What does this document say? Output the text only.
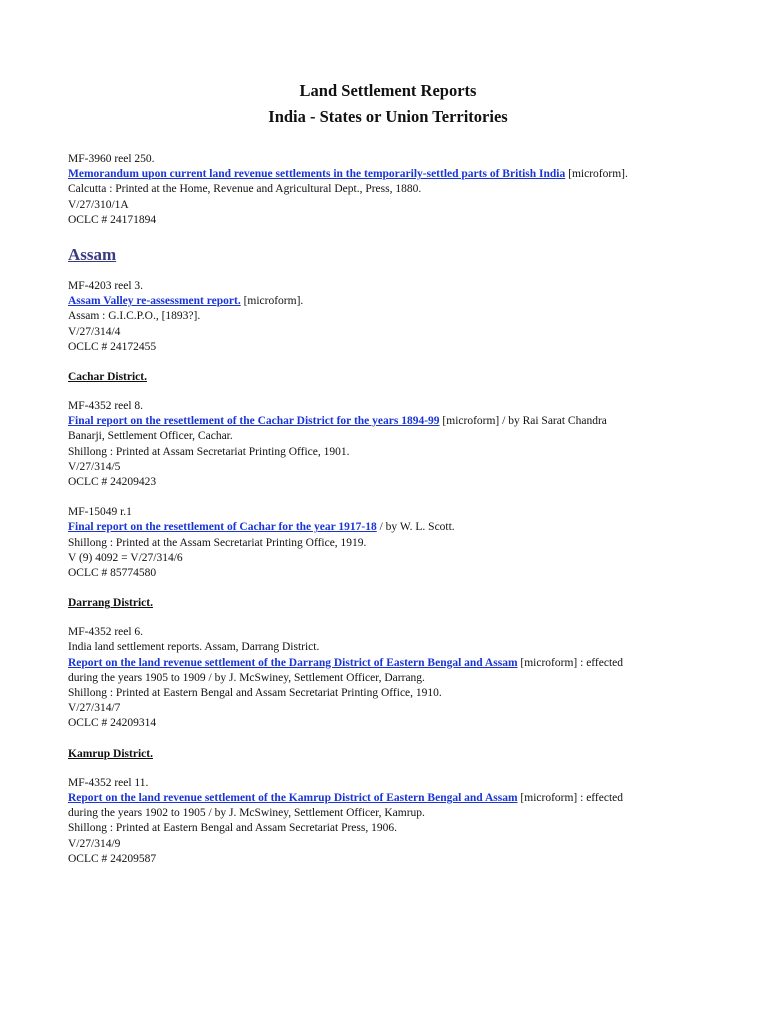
Land Settlement Reports

India - States or Union Territories

MF-3960 reel 250.
Memorandum upon current land revenue settlements in the temporarily-settled parts of British India [microform].
Calcutta : Printed at the Home, Revenue and Agricultural Dept., Press, 1880.
V/27/310/1A
OCLC # 24171894
Assam
MF-4203 reel 3.
Assam Valley re-assessment report. [microform].
Assam : G.I.C.P.O., [1893?].
V/27/314/4
OCLC # 24172455
Cachar District.
MF-4352 reel 8.
Final report on the resettlement of the Cachar District for the years 1894-99 [microform] / by Rai Sarat Chandra
Banarji, Settlement Officer, Cachar.
Shillong : Printed at Assam Secretariat Printing Office, 1901.
V/27/314/5
OCLC # 24209423
MF-15049 r.1
Final report on the resettlement of Cachar for the year 1917-18 / by W. L. Scott.
Shillong : Printed at the Assam Secretariat Printing Office, 1919.
V (9) 4092 = V/27/314/6
OCLC # 85774580
Darrang District.
MF-4352 reel 6.
India land settlement reports. Assam, Darrang District.
Report on the land revenue settlement of the Darrang District of Eastern Bengal and Assam [microform] : effected
during the years 1905 to 1909 / by J. McSwiney, Settlement Officer, Darrang.
Shillong : Printed at Eastern Bengal and Assam Secretariat Printing Office, 1910.
V/27/314/7
OCLC # 24209314
Kamrup District.
MF-4352 reel 11.
Report on the land revenue settlement of the Kamrup District of Eastern Bengal and Assam [microform] : effected
during the years 1902 to 1905 / by J. McSwiney, Settlement Officer, Kamrup.
Shillong : Printed at Eastern Bengal and Assam Secretariat Press, 1906.
V/27/314/9
OCLC # 24209587
